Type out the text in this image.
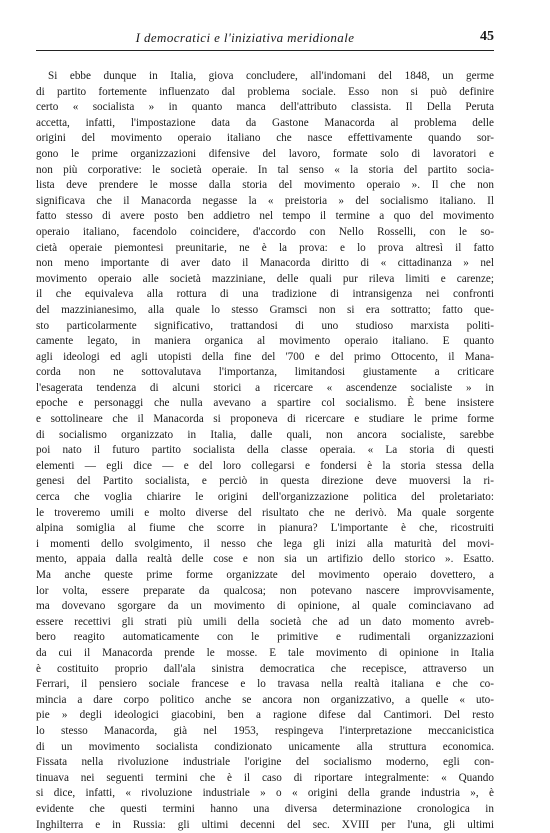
I democratici e l'iniziativa meridionale	45
Si ebbe dunque in Italia, giova concludere, all'indomani del 1848, un germe
di partito fortemente influenzato dal problema sociale. Esso non si può definire
certo « socialista » in quanto manca dell'attributo classista. Il Della Peruta
accetta, infatti, l'impostazione data da Gastone Manacorda al problema delle
origini del movimento operaio italiano che nasce effettivamente quando sor-
gono le prime organizzazioni difensive del lavoro, formate solo di lavoratori e
non più corporative: le società operaie. In tal senso « la storia del partito socia-
lista deve prendere le mosse dalla storia del movimento operaio ». Il che non
significava che il Manacorda negasse la « preistoria » del socialismo italiano. Il
fatto stesso di avere posto ben addietro nel tempo il termine a quo del movimento
operaio italiano, facendolo coincidere, d'accordo con Nello Rosselli, con le so-
cietà operaie piemontesi preunitarie, ne è la prova: e lo prova altresì il fatto
non meno importante di aver dato il Manacorda diritto di « cittadinanza » nel
movimento operaio alle società mazziniane, delle quali pur rileva limiti e carenze;
il che equivaleva alla rottura di una tradizione di intransigenza nei confronti
del mazzinianesimo, alla quale lo stesso Gramsci non si era sottratto; fatto que-
sto particolarmente significativo, trattandosi di uno studioso marxista politi-
camente legato, in maniera organica al movimento operaio italiano. E quanto
agli ideologi ed agli utopisti della fine del '700 e del primo Ottocento, il Mana-
corda non ne sottovalutava l'importanza, limitandosi giustamente a criticare
l'esagerata tendenza di alcuni storici a ricercare « ascendenze socialiste » in
epoche e personaggi che nulla avevano a spartire col socialismo. È bene insistere
e sottolineare che il Manacorda si proponeva di ricercare e studiare le prime forme
di socialismo organizzato in Italia, dalle quali, non ancora socialiste, sarebbe
poi nato il futuro partito socialista della classe operaia. « La storia di questi
elementi — egli dice — e del loro collegarsi e fondersi è la storia stessa della
genesi del Partito socialista, e perciò in questa direzione deve muoversi la ri-
cerca che voglia chiarire le origini dell'organizzazione politica del proletariato:
le troveremo umili e molto diverse del risultato che ne derivò. Ma quale sorgente
alpina somiglia al fiume che scorre in pianura? L'importante è che, ricostruiti
i momenti dello svolgimento, il nesso che lega gli inizi alla maturità del movi-
mento, appaia dalla realtà delle cose e non sia un artifizio dello storico ». Esatto.
Ma anche queste prime forme organizzate del movimento operaio dovettero, a
lor volta, essere preparate da qualcosa; non potevano nascere improvvisamente,
ma dovevano sgorgare da un movimento di opinione, al quale cominciavano ad
essere recettivi gli strati più umili della società che ad un dato momento avreb-
bero reagito automaticamente con le primitive e rudimentali organizzazioni
da cui il Manacorda prende le mosse. E tale movimento di opinione in Italia
è costituito proprio dall'ala sinistra democratica che recepisce, attraverso un
Ferrari, il pensiero sociale francese e lo travasa nella realtà italiana e che co-
mincia a dare corpo politico anche se ancora non organizzativo, a quelle « uto-
pie » degli ideologici giacobini, ben a ragione difese dal Cantimori. Del resto
lo stesso Manacorda, già nel 1953, respingeva l'interpretazione meccanicistica
di un movimento socialista condizionato unicamente alla struttura economica.
Fissata nella rivoluzione industriale l'origine del socialismo moderno, egli con-
tinuava nei seguenti termini che è il caso di riportare integralmente: « Quando
si dice, infatti, « rivoluzione industriale » o « origini della grande industria », è
evidente che questi termini hanno una diversa determinazione cronologica in
Inghilterra e in Russia: gli ultimi decenni del sec. XVIII per l'una, gli ultimi
